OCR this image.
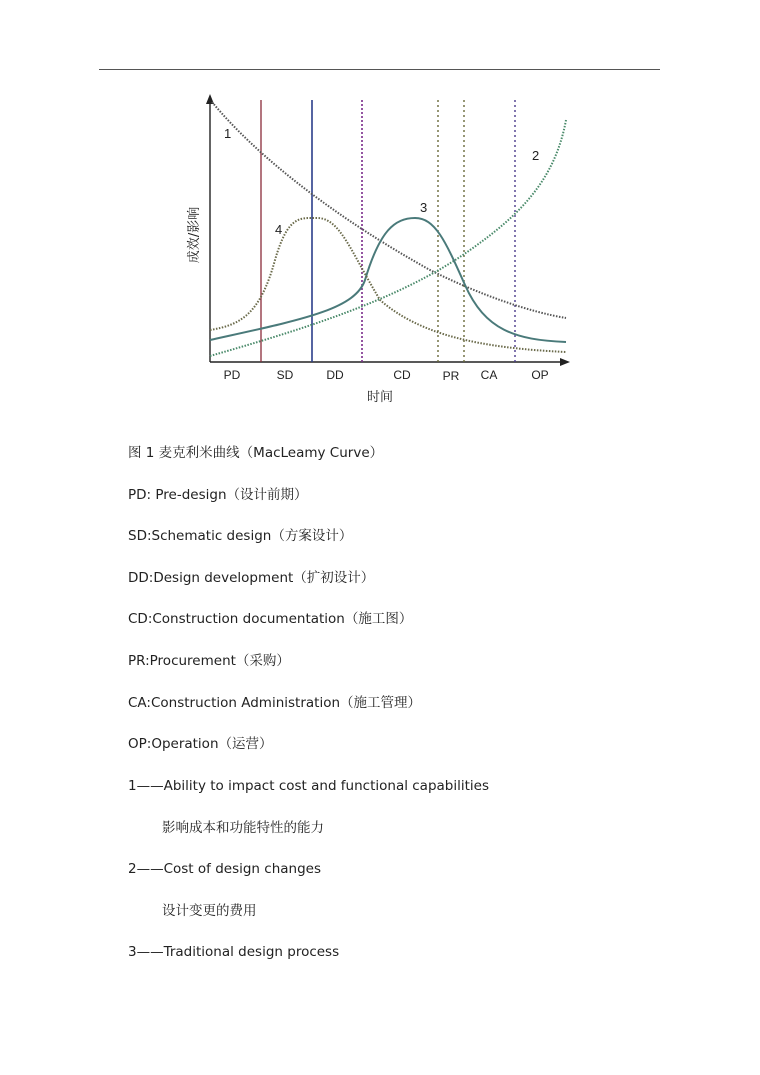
1
2
3
4
成效/影响
PD	SD	DD	CD	PR CA	OP
时间
图 1 麦克利米曲线（MacLeamy Curve）
PD: Pre-design（设计前期）
SD:Schematic design（方案设计）
DD:Design development（扩初设计）
CD:Construction documentation（施工图）
PR:Procurement（采购）
CA:Construction Administration（施工管理）
OP:Operation（运营）
1——Ability to impact cost and functional capabilities
影响成本和功能特性的能力
2——Cost of design changes
设计变更的费用
3——Traditional design process
